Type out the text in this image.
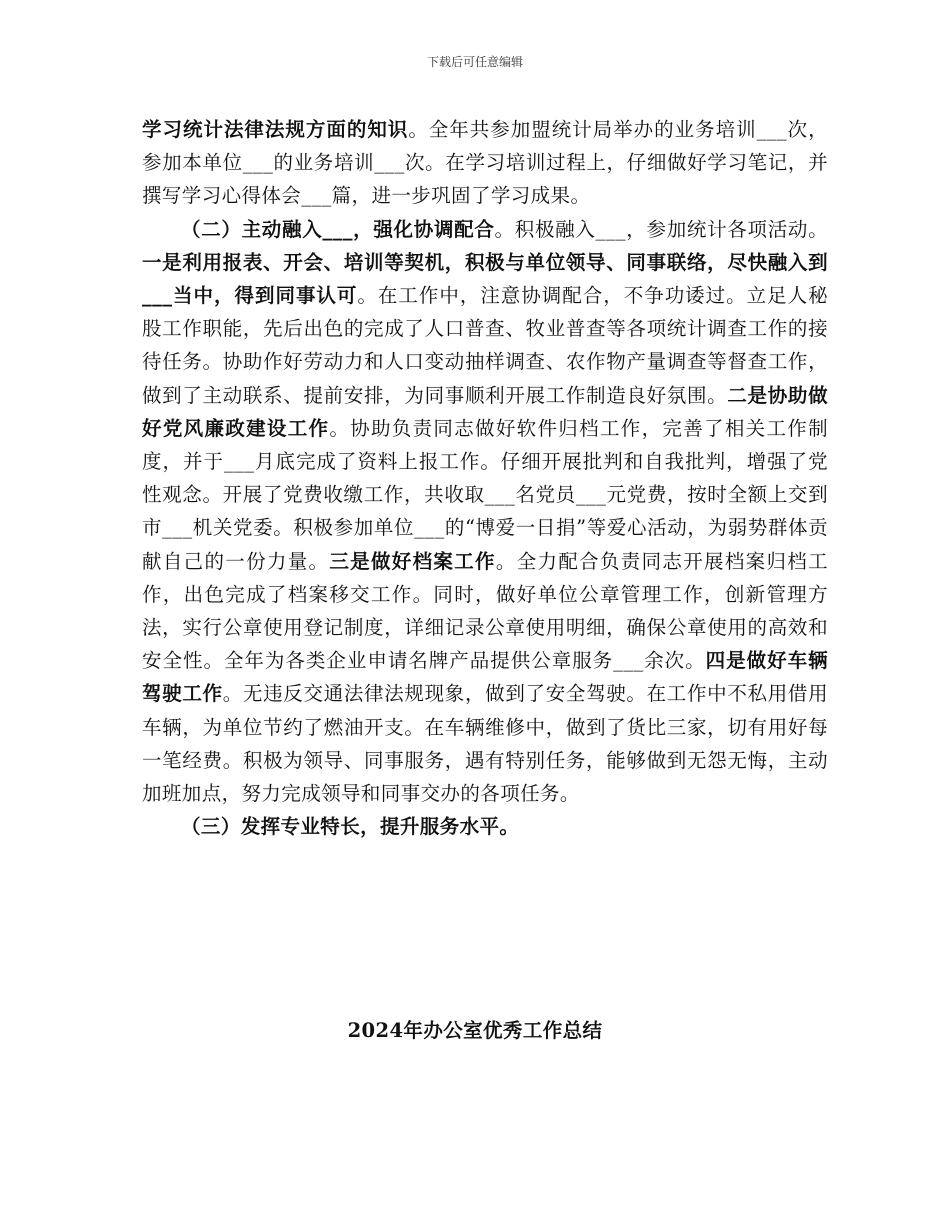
下载后可任意编辑

学习统计法律法规方面的知识。全年共参加盟统计局举办的业务培训___次，参加本单位___的业务培训___次。在学习培训过程上，仔细做好学习笔记，并撰写学习心得体会___篇，进一步巩固了学习成果。

（二）主动融入___，强化协调配合。积极融入___，参加统计各项活动。一是利用报表、开会、培训等契机，积极与单位领导、同事联络，尽快融入到___当中，得到同事认可。在工作中，注意协调配合，不争功诿过。立足人秘股工作职能，先后出色的完成了人口普查、牧业普查等各项统计调查工作的接待任务。协助作好劳动力和人口变动抽样调查、农作物产量调查等督查工作，做到了主动联系、提前安排，为同事顺利开展工作制造良好氛围。二是协助做好党风廉政建设工作。协助负责同志做好软件归档工作，完善了相关工作制度，并于___月底完成了资料上报工作。仔细开展批判和自我批判，增强了党性观念。开展了党费收缴工作，共收取___名党员___元党费，按时全额上交到市___机关党委。积极参加单位___的“博爱一日捐”等爱心活动，为弱势群体贡献自己的一份力量。三是做好档案工作。全力配合负责同志开展档案归档工作，出色完成了档案移交工作。同时，做好单位公章管理工作，创新管理方法，实行公章使用登记制度，详细记录公章使用明细，确保公章使用的高效和安全性。全年为各类企业申请名牌产品提供公章服务___余次。四是做好车辆驾驶工作。无违反交通法律法规现象，做到了安全驾驶。在工作中不私用借用车辆，为单位节约了燃油开支。在车辆维修中，做到了货比三家，切有用好每一笔经费。积极为领导、同事服务，遇有特别任务，能够做到无怨无悔，主动加班加点，努力完成领导和同事交办的各项任务。

（三）发挥专业特长，提升服务水平。

2024年办公室优秀工作总结
